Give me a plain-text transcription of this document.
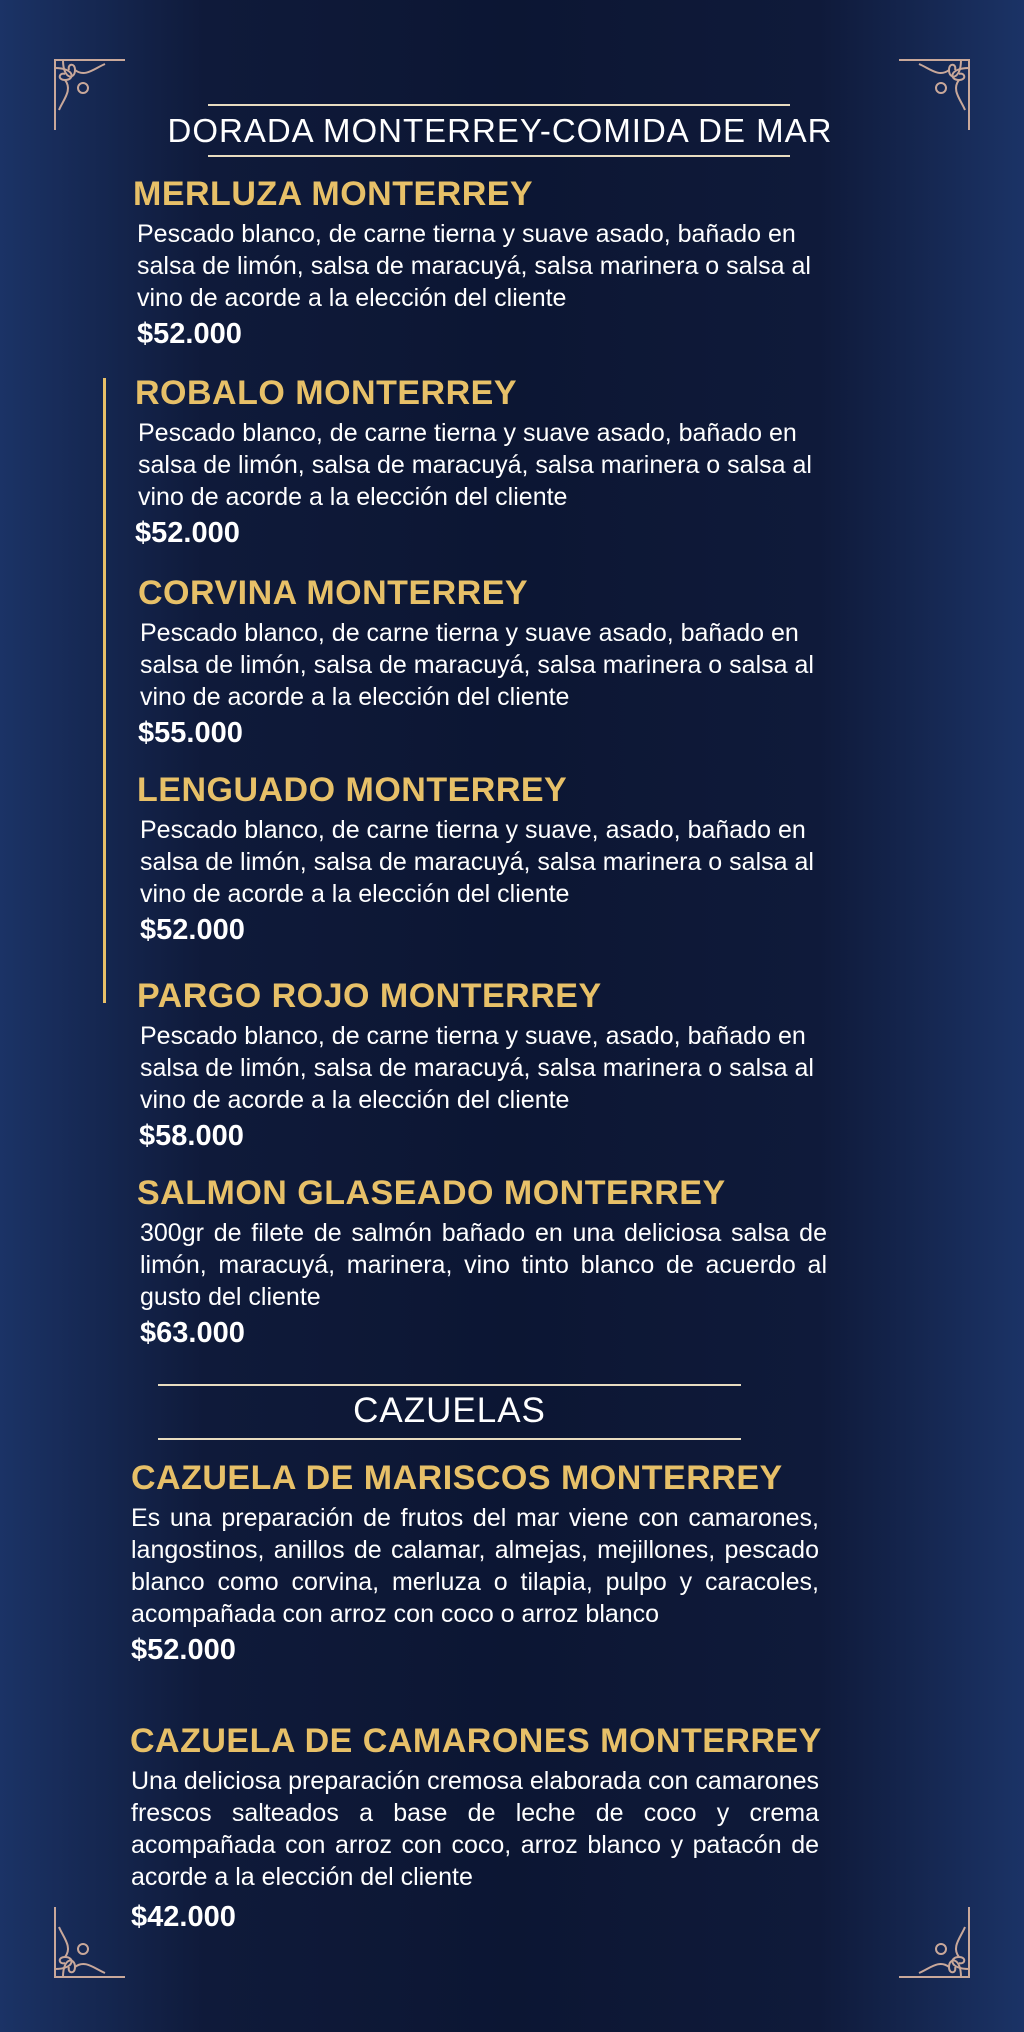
DORADA MONTERREY-COMIDA DE MAR
MERLUZA MONTERREY
Pescado blanco, de carne tierna y suave asado, bañado en salsa de limón, salsa de maracuyá, salsa marinera o salsa al vino de acorde a la elección del cliente
$52.000
ROBALO MONTERREY
Pescado blanco, de carne tierna y suave asado, bañado en salsa de limón, salsa de maracuyá, salsa marinera o salsa al vino de acorde a la elección del cliente
$52.000
CORVINA MONTERREY
Pescado blanco, de carne tierna y suave asado, bañado en salsa de limón, salsa de maracuyá, salsa marinera o salsa al vino de acorde a la elección del cliente
$55.000
LENGUADO MONTERREY
Pescado blanco, de carne tierna y suave, asado, bañado en salsa de limón, salsa de maracuyá, salsa marinera o salsa al vino de acorde a la elección del cliente
$52.000
PARGO ROJO MONTERREY
Pescado blanco, de carne tierna y suave, asado, bañado en salsa de limón, salsa de maracuyá, salsa marinera o salsa al vino de acorde a la elección del cliente
$58.000
SALMON GLASEADO MONTERREY
300gr de filete de salmón bañado en una deliciosa salsa de limón, maracuyá, marinera, vino tinto blanco de acuerdo al gusto del cliente
$63.000
CAZUELAS
CAZUELA DE MARISCOS MONTERREY
Es una preparación de frutos del mar viene con camarones, langostinos, anillos de calamar, almejas, mejillones, pescado blanco como corvina, merluza o tilapia, pulpo y caracoles, acompañada con arroz con coco o arroz blanco
$52.000
CAZUELA DE CAMARONES MONTERREY
Una deliciosa preparación cremosa elaborada con camarones frescos salteados a base de leche de coco y crema acompañada con arroz con coco, arroz blanco y patacón de acorde a la elección del cliente
$42.000
